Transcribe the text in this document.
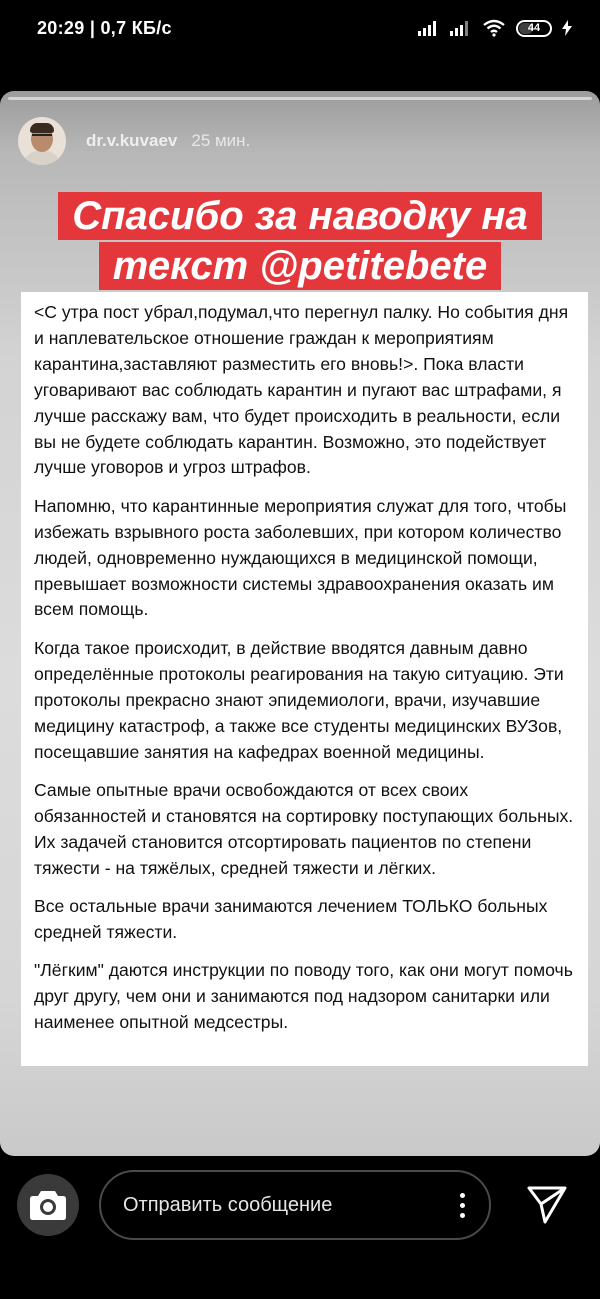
20:29 | 0,7 КБ/с	44
dr.v.kuvaev 25 мин.
Спасибо за наводку на
текст @petitebete

<С утра пост убрал,подумал,что перегнул палку. Но события дня и наплевательское отношение граждан к мероприятиям карантина,заставляют разместить его вновь!>. Пока власти уговаривают вас соблюдать карантин и пугают вас штрафами, я лучше расскажу вам, что будет происходить в реальности, если вы не будете соблюдать карантин. Возможно, это подействует лучше уговоров и угроз штрафов.

Напомню, что карантинные мероприятия служат для того, чтобы избежать взрывного роста заболевших, при котором количество людей, одновременно нуждающихся в медицинской помощи, превышает возможности системы здравоохранения оказать им всем помощь.

Когда такое происходит, в действие вводятся давным давно определённые протоколы реагирования на такую ситуацию. Эти протоколы прекрасно знают эпидемиологи, врачи, изучавшие медицину катастроф, а также все студенты медицинских ВУЗов, посещавшие занятия на кафедрах военной медицины.

Самые опытные врачи освобождаются от всех своих обязанностей и становятся на сортировку поступающих больных. Их задачей становится отсортировать пациентов по степени тяжести - на тяжёлых, средней тяжести и лёгких.

Все остальные врачи занимаются лечением ТОЛЬКО больных средней тяжести.

"Лёгким" даются инструкции по поводу того, как они могут помочь друг другу, чем они и занимаются под надзором санитарки или наименее опытной медсестры.

Отправить сообщение
